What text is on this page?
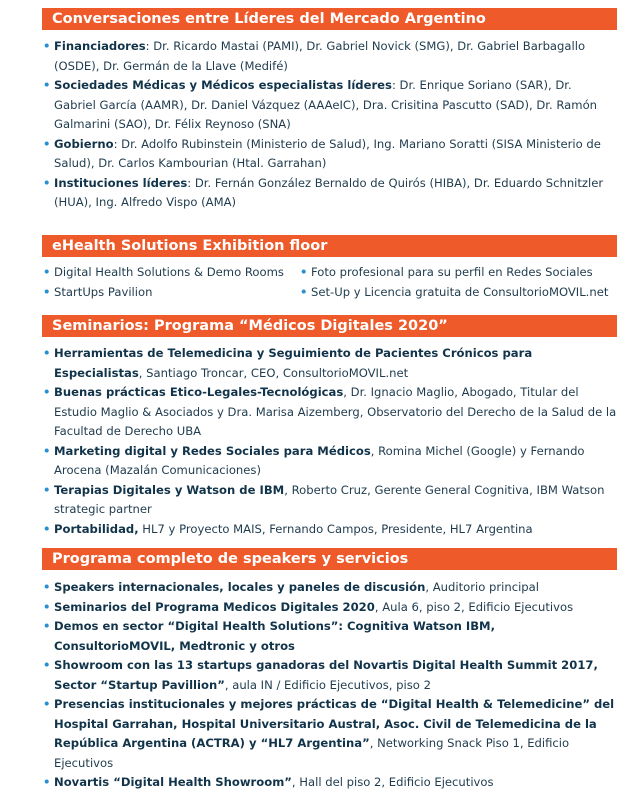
Conversaciones entre Líderes del Mercado Argentino
• Financiadores: Dr. Ricardo Mastai (PAMI), Dr. Gabriel Novick (SMG), Dr. Gabriel Barbagallo (OSDE), Dr. Germán de la Llave (Medifé)
• Sociedades Médicas y Médicos especialistas líderes: Dr. Enrique Soriano (SAR), Dr. Gabriel García (AAMR), Dr. Daniel Vázquez (AAAeIC), Dra. Crisitina Pascutto (SAD), Dr. Ramón Galmarini (SAO), Dr. Félix Reynoso (SNA)
• Gobierno: Dr. Adolfo Rubinstein (Ministerio de Salud), Ing. Mariano Soratti (SISA Ministerio de Salud), Dr. Carlos Kambourian (Htal. Garrahan)
• Instituciones líderes: Dr. Fernán González Bernaldo de Quirós (HIBA), Dr. Eduardo Schnitzler (HUA), Ing. Alfredo Vispo (AMA)
eHealth Solutions Exhibition floor
• Digital Health Solutions & Demo Rooms
• StartUps Pavilion
• Foto profesional para su perfil en Redes Sociales
• Set-Up y Licencia gratuita de ConsultorioMOVIL.net
Seminarios: Programa “Médicos Digitales 2020”
• Herramientas de Telemedicina y Seguimiento de Pacientes Crónicos para Especialistas, Santiago Troncar, CEO, ConsultorioMOVIL.net
• Buenas prácticas Etico-Legales-Tecnológicas, Dr. Ignacio Maglio, Abogado, Titular del Estudio Maglio & Asociados y Dra. Marisa Aizemberg, Observatorio del Derecho de la Salud de la Facultad de Derecho UBA
• Marketing digital y Redes Sociales para Médicos, Romina Michel (Google) y Fernando Arocena (Mazalán Comunicaciones)
• Terapias Digitales y Watson de IBM, Roberto Cruz, Gerente General Cognitiva, IBM Watson strategic partner
• Portabilidad, HL7 y Proyecto MAIS, Fernando Campos, Presidente, HL7 Argentina
Programa completo de speakers y servicios
• Speakers internacionales, locales y paneles de discusión, Auditorio principal
• Seminarios del Programa Medicos Digitales 2020, Aula 6, piso 2, Edificio Ejecutivos
• Demos en sector “Digital Health Solutions”: Cognitiva Watson IBM, ConsultorioMOVIL, Medtronic y otros
• Showroom con las 13 startups ganadoras del Novartis Digital Health Summit 2017, Sector “Startup Pavillion”, aula IN / Edificio Ejecutivos, piso 2
• Presencias institucionales y mejores prácticas de “Digital Health & Telemedicine” del Hospital Garrahan, Hospital Universitario Austral, Asoc. Civil de Telemedicina de la República Argentina (ACTRA) y “HL7 Argentina”, Networking Snack Piso 1, Edificio Ejecutivos
• Novartis “Digital Health Showroom”, Hall del piso 2, Edificio Ejecutivos
